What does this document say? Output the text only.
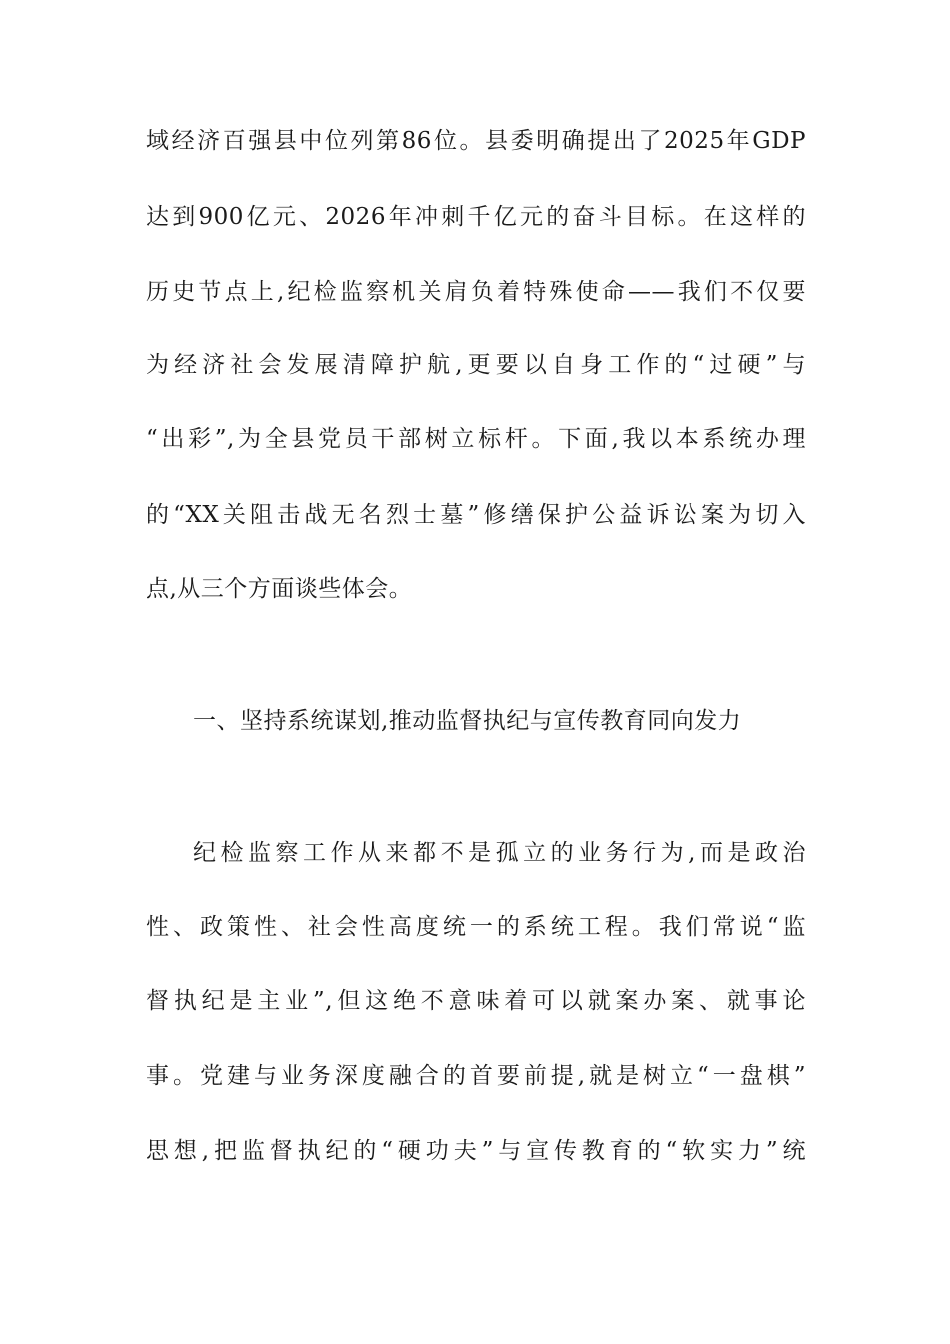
域经济百强县中位列第86位。县委明确提出了2025年GDP
达到900亿元、2026年冲刺千亿元的奋斗目标。在这样的
历史节点上,纪检监察机关肩负着特殊使命——我们不仅要
为经济社会发展清障护航,更要以自身工作的“过硬”与
“出彩”,为全县党员干部树立标杆。下面,我以本系统办理
的“XX关阻击战无名烈士墓”修缮保护公益诉讼案为切入
点,从三个方面谈些体会。
一、坚持系统谋划,推动监督执纪与宣传教育同向发力
纪检监察工作从来都不是孤立的业务行为,而是政治
性、政策性、社会性高度统一的系统工程。我们常说“监
督执纪是主业”,但这绝不意味着可以就案办案、就事论
事。党建与业务深度融合的首要前提,就是树立“一盘棋”
思想,把监督执纪的“硬功夫”与宣传教育的“软实力”统
